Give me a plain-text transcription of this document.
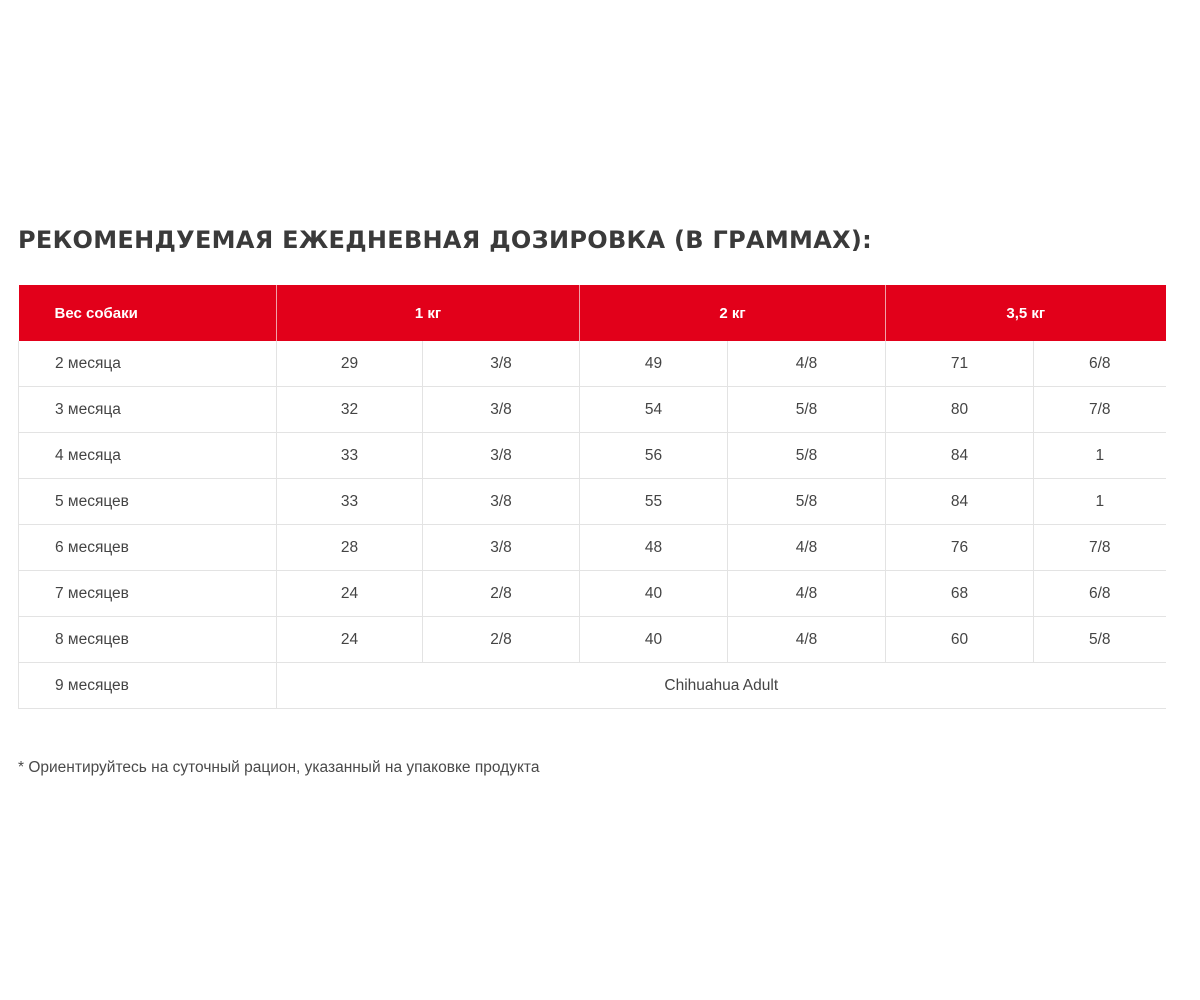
РЕКОМЕНДУЕМАЯ ЕЖЕДНЕВНАЯ ДОЗИРОВКА (В ГРАММАХ):
Вес собаки	1 кг		2 кг		3,5 кг	
2 месяца	29	3/8	49	4/8	71	6/8
3 месяца	32	3/8	54	5/8	80	7/8
4 месяца	33	3/8	56	5/8	84	1
5 месяцев	33	3/8	55	5/8	84	1
6 месяцев	28	3/8	48	4/8	76	7/8
7 месяцев	24	2/8	40	4/8	68	6/8
8 месяцев	24	2/8	40	4/8	60	5/8
9 месяцев	Chihuahua Adult					

* Ориентируйтесь на суточный рацион, указанный на упаковке продукта
